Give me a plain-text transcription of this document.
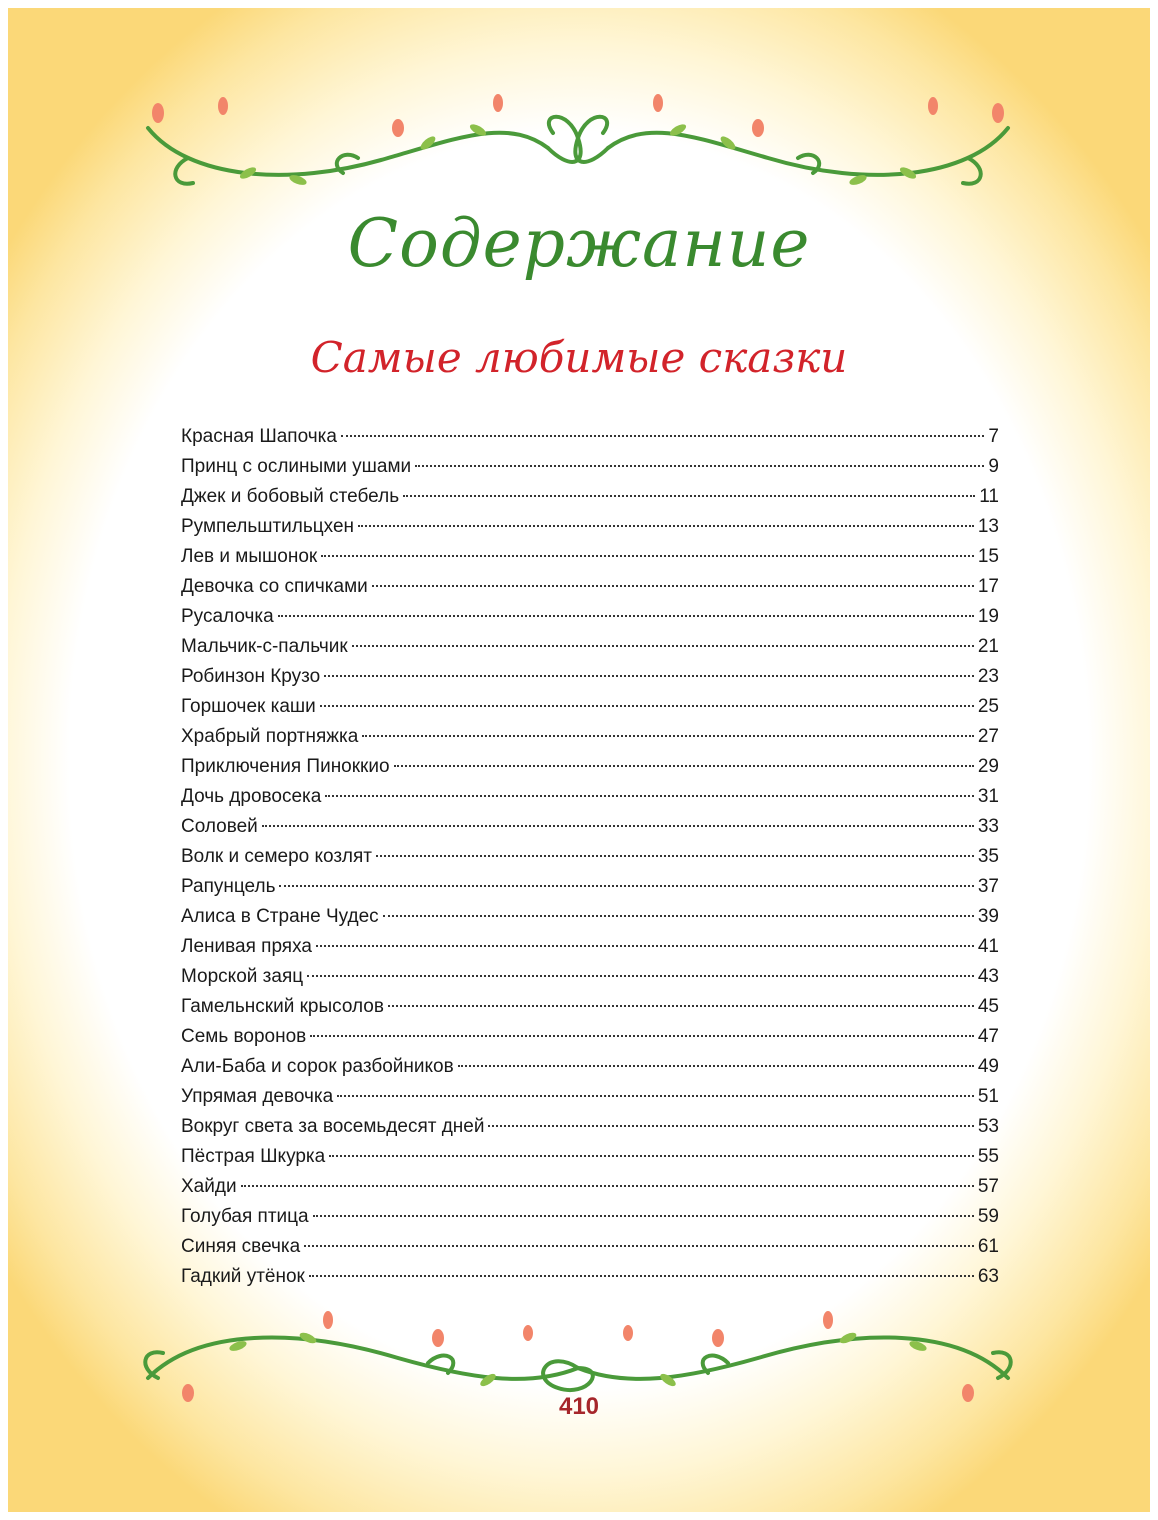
Содержание
Самые любимые сказки
Красная Шапочка	7
Принц с ослиными ушами	9
Джек и бобовый стебель	11
Румпельштильцхен	13
Лев и мышонок	15
Девочка со спичками	17
Русалочка	19
Мальчик-с-пальчик	21
Робинзон Крузо	23
Горшочек каши	25
Храбрый портняжка	27
Приключения Пиноккио	29
Дочь дровосека	31
Соловей	33
Волк и семеро козлят	35
Рапунцель	37
Алиса в Стране Чудес	39
Ленивая пряха	41
Морской заяц	43
Гамельнский крысолов	45
Семь воронов	47
Али-Баба и сорок разбойников	49
Упрямая девочка	51
Вокруг света за восемьдесят дней	53
Пёстрая Шкурка	55
Хайди	57
Голубая птица	59
Синяя свечка	61
Гадкий утёнок	63
410
